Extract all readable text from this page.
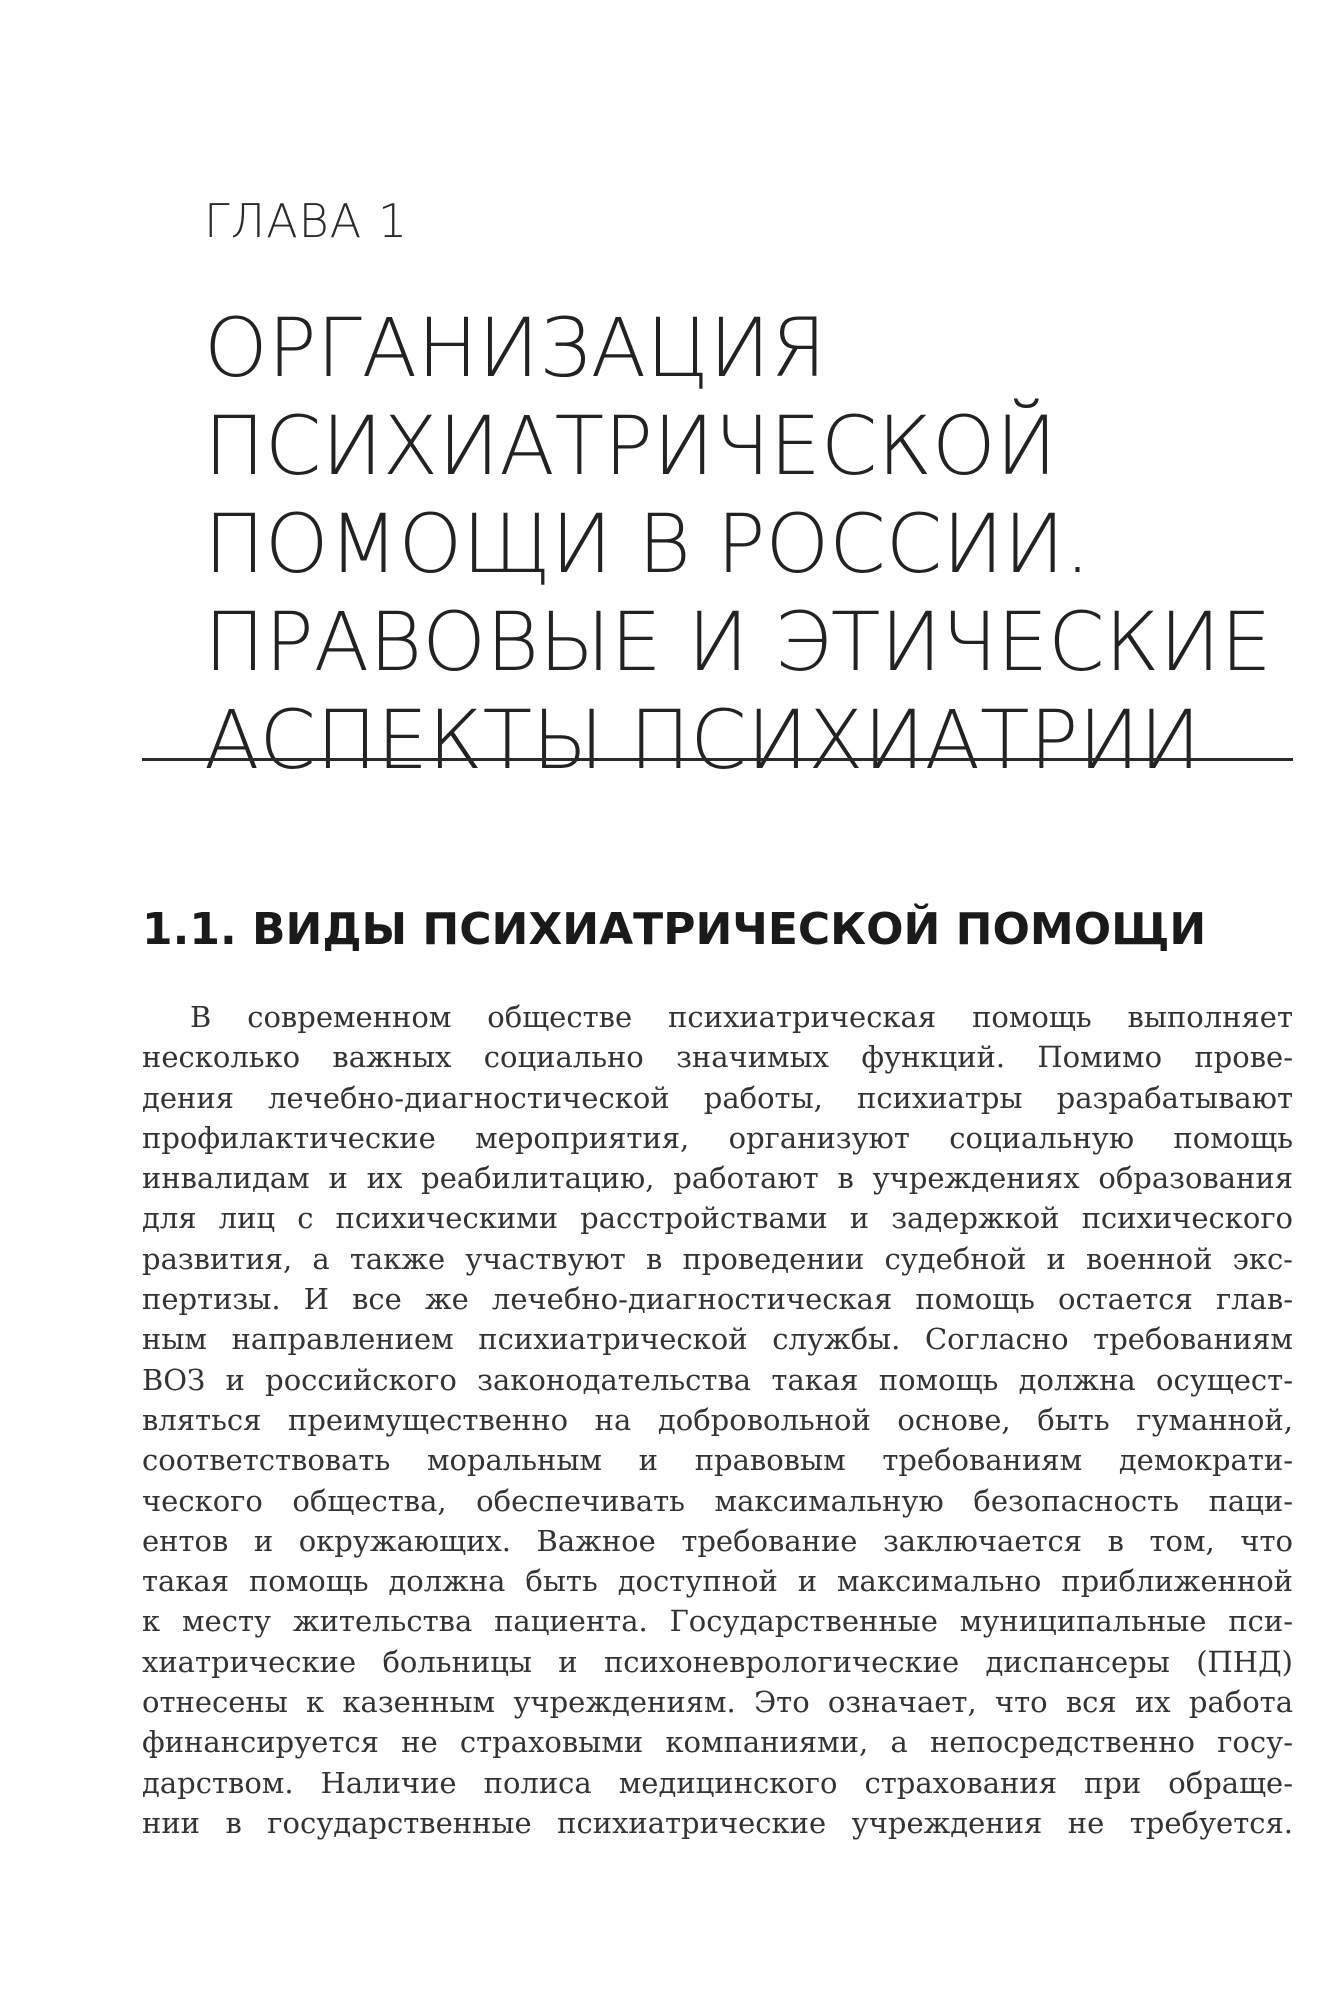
ГЛАВА 1

ОРГАНИЗАЦИЯ
ПСИХИАТРИЧЕСКОЙ
ПОМОЩИ В РОССИИ.
ПРАВОВЫЕ И ЭТИЧЕСКИЕ
АСПЕКТЫ ПСИХИАТРИИ
1.1. ВИДЫ ПСИХИАТРИЧЕСКОЙ ПОМОЩИ
В современном обществе психиатрическая помощь выполняет
несколько важных социально значимых функций. Помимо прове-
дения лечебно-диагностической работы, психиатры разрабатывают
профилактические мероприятия, организуют социальную помощь
инвалидам и их реабилитацию, работают в учреждениях образования
для лиц с психическими расстройствами и задержкой психического
развития, а также участвуют в проведении судебной и военной экс-
пертизы. И все же лечебно-диагностическая помощь остается глав-
ным направлением психиатрической службы. Согласно требованиям
ВОЗ и российского законодательства такая помощь должна осущест-
вляться преимущественно на добровольной основе, быть гуманной,
соответствовать моральным и правовым требованиям демократи-
ческого общества, обеспечивать максимальную безопасность паци-
ентов и окружающих. Важное требование заключается в том, что
такая помощь должна быть доступной и максимально приближенной
к месту жительства пациента. Государственные муниципальные пси-
хиатрические больницы и психоневрологические диспансеры (ПНД)
отнесены к казенным учреждениям. Это означает, что вся их работа
финансируется не страховыми компаниями, а непосредственно госу-
дарством. Наличие полиса медицинского страхования при обраще-
нии в государственные психиатрические учреждения не требуется.
